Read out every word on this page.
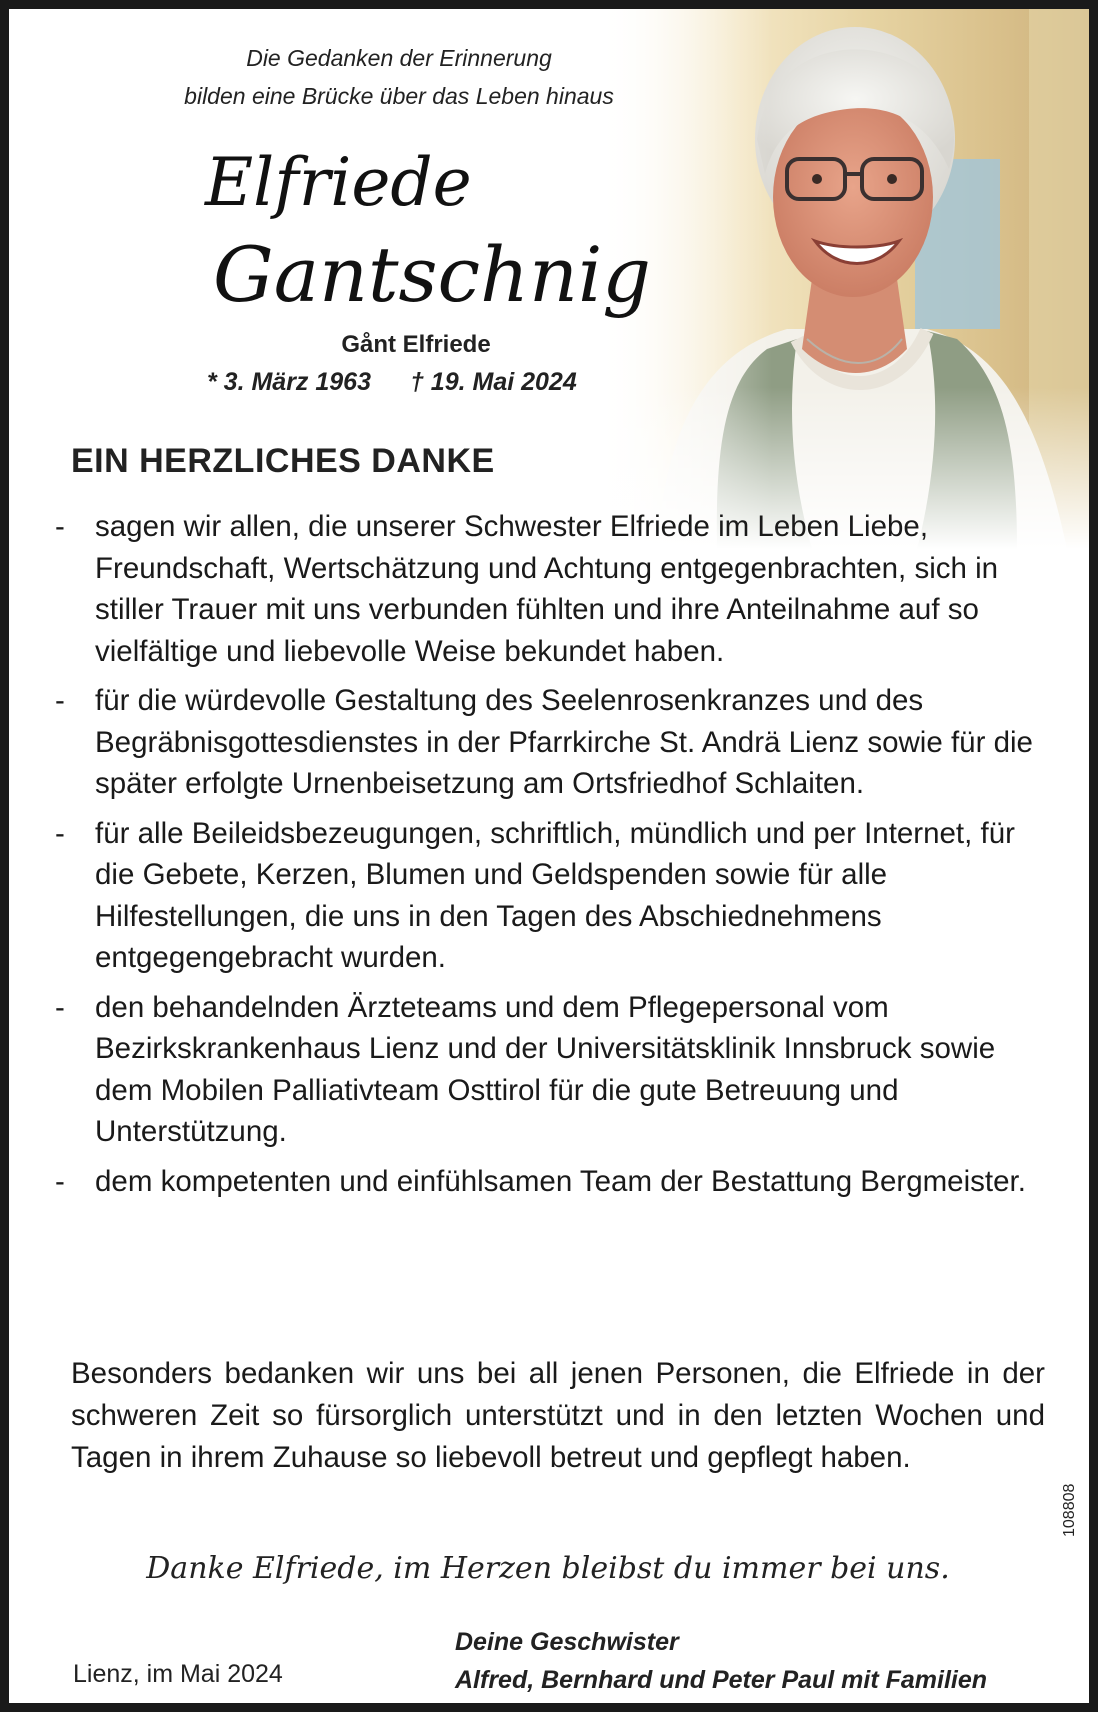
Die Gedanken der Erinnerung
bilden eine Brücke über das Leben hinaus
Elfriede
Gantschnig
Gånt Elfriede
* 3. März 1963 † 19. Mai 2024
EIN HERZLICHES DANKE
-	sagen wir allen, die unserer Schwester Elfriede im Leben Liebe, Freundschaft, Wertschätzung und Achtung entgegenbrachten, sich in stiller Trauer mit uns verbunden fühlten und ihre Anteilnahme auf so vielfältige und liebevolle Weise bekundet haben.
-	für die würdevolle Gestaltung des Seelenrosenkranzes und des Begräbnisgottesdienstes in der Pfarrkirche St. Andrä Lienz sowie für die später erfolgte Urnenbeisetzung am Ortsfriedhof Schlaiten.
-	für alle Beileidsbezeugungen, schriftlich, mündlich und per Internet, für die Gebete, Kerzen, Blumen und Geldspenden sowie für alle Hilfestellungen, die uns in den Tagen des Abschiednehmens entgegengebracht wurden.
-	den behandelnden Ärzteteams und dem Pflegepersonal vom Bezirkskrankenhaus Lienz und der Universitätsklinik Innsbruck sowie dem Mobilen Palliativteam Osttirol für die gute Betreuung und Unterstützung.
-	dem kompetenten und einfühlsamen Team der Bestattung Bergmeister.
Besonders bedanken wir uns bei all jenen Personen, die Elfriede in der schweren Zeit so fürsorglich unterstützt und in den letzten Wochen und Tagen in ihrem Zuhause so liebevoll betreut und gepflegt haben.
Danke Elfriede, im Herzen bleibst du immer bei uns.
Lienz, im Mai 2024
Deine Geschwister
Alfred, Bernhard und Peter Paul mit Familien
108808
